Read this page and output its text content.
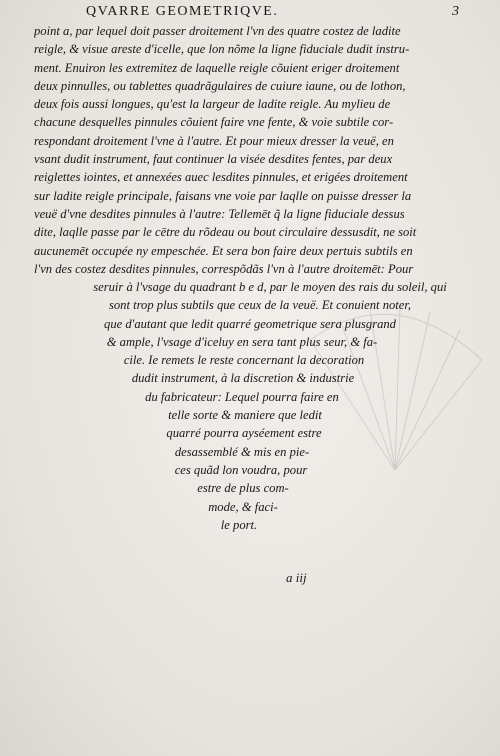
QVARRE GEOMETRIQVE.	3
point a, par lequel doit passer droitement l'vn des quatre costez de ladite
reigle, & visue areste d'icelle, que lon nõme la ligne fiduciale dudit instru-
ment. Enuiron les extremitez de laquelle reigle cõuient eriger droitement
deux pinnulles, ou tablettes quadrãgulaires de cuiure iaune, ou de lothon,
deux fois aussi longues, qu'est la largeur de ladite reigle. Au mylieu de
chacune desquelles pinnules cõuient faire vne fente, & voie subtile cor-
respondant droitement l'vne à l'autre. Et pour mieux dresser la veuë, en
vsant dudit instrument, faut continuer la visée desdites fentes, par deux
reiglettes iointes, et annexées auec lesdites pinnules, et erigées droitement
sur ladite reigle principale, faisans vne voie par laqlle on puisse dresser la
veuë d'vne desdites pinnules à l'autre: Tellemēt q̃ la ligne fiduciale dessus
dite, laqlle passe par le cētre du rõdeau ou bout circulaire dessusdit, ne soit
aucunemēt occupée ny empeschée. Et sera bon faire deux pertuis subtils en
l'vn des costez desdites pinnules, correspõdãs l'vn à l'autre droitemēt: Pour
seruir à l'vsage du quadrant b e d, par le moyen des rais du soleil, qui
sont trop plus subtils que ceux de la veuë. Et conuient noter,
que d'autant que ledit quarré geometrique sera plusgrand
& ample, l'vsage d'iceluy en sera tant plus seur, & fa-
cile. Ie remets le reste concernant la decoration
dudit instrument, à la discretion & industrie
du fabricateur: Lequel pourra faire en
telle sorte & maniere que ledit
quarré pourra ayséement estre
desassemblé & mis en pie-
ces quãd lon voudra, pour
estre de plus com-
mode, & faci-
le port.
a iij
